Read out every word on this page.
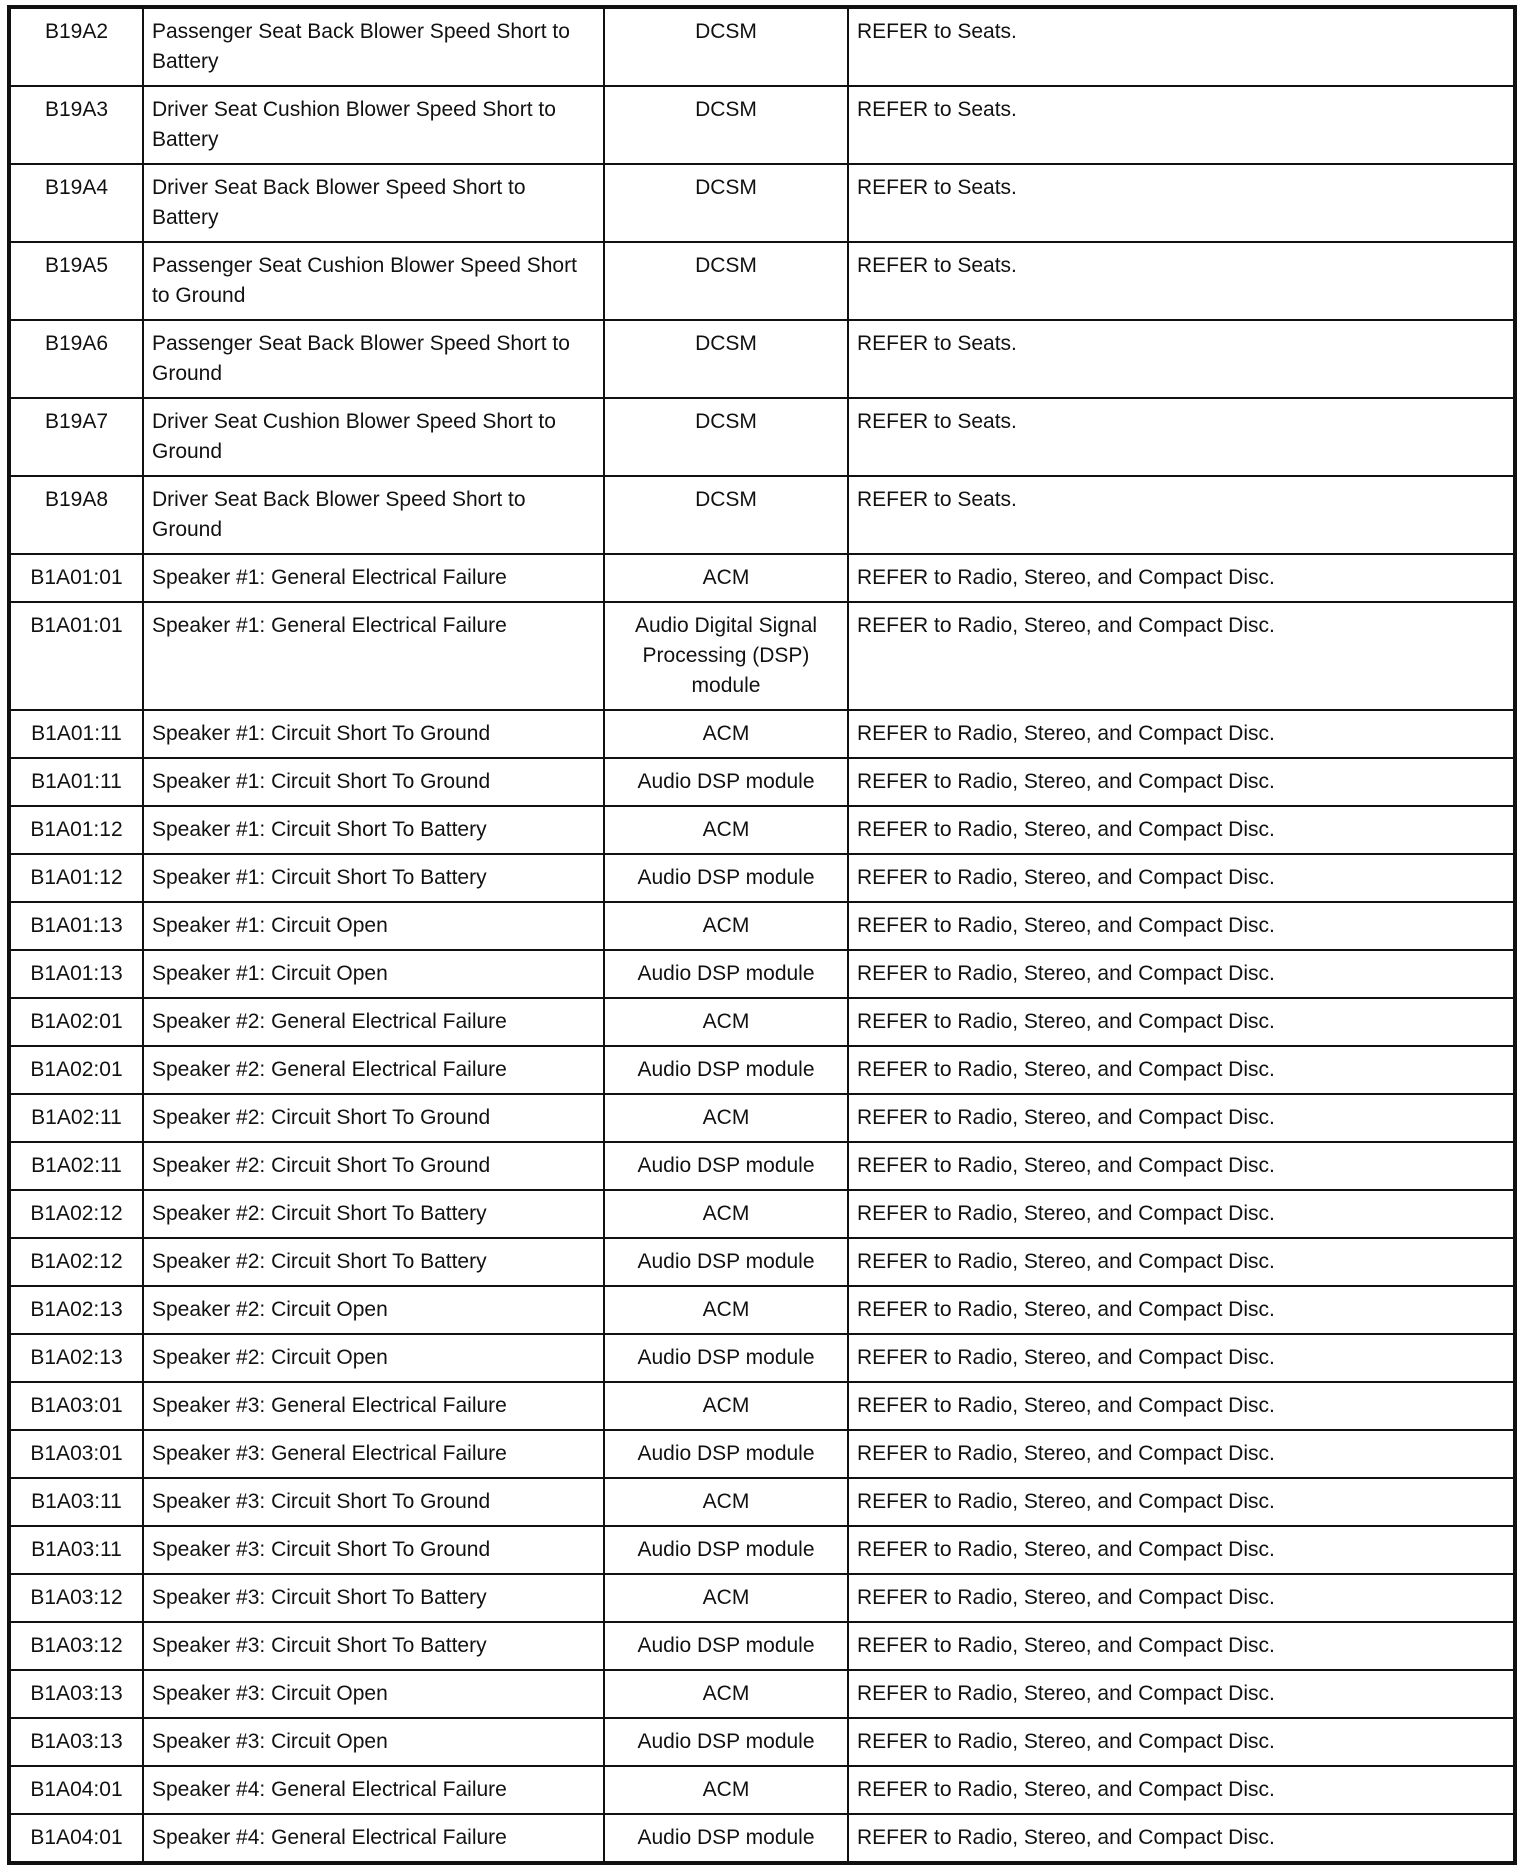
B19A2	Passenger Seat Back Blower Speed Short to Battery	DCSM	REFER to Seats.
B19A3	Driver Seat Cushion Blower Speed Short to Battery	DCSM	REFER to Seats.
B19A4	Driver Seat Back Blower Speed Short to Battery	DCSM	REFER to Seats.
B19A5	Passenger Seat Cushion Blower Speed Short to Ground	DCSM	REFER to Seats.
B19A6	Passenger Seat Back Blower Speed Short to Ground	DCSM	REFER to Seats.
B19A7	Driver Seat Cushion Blower Speed Short to Ground	DCSM	REFER to Seats.
B19A8	Driver Seat Back Blower Speed Short to Ground	DCSM	REFER to Seats.
B1A01:01	Speaker #1: General Electrical Failure	ACM	REFER to Radio, Stereo, and Compact Disc.
B1A01:01	Speaker #1: General Electrical Failure	Audio Digital Signal Processing (DSP) module	REFER to Radio, Stereo, and Compact Disc.
B1A01:11	Speaker #1: Circuit Short To Ground	ACM	REFER to Radio, Stereo, and Compact Disc.
B1A01:11	Speaker #1: Circuit Short To Ground	Audio DSP module	REFER to Radio, Stereo, and Compact Disc.
B1A01:12	Speaker #1: Circuit Short To Battery	ACM	REFER to Radio, Stereo, and Compact Disc.
B1A01:12	Speaker #1: Circuit Short To Battery	Audio DSP module	REFER to Radio, Stereo, and Compact Disc.
B1A01:13	Speaker #1: Circuit Open	ACM	REFER to Radio, Stereo, and Compact Disc.
B1A01:13	Speaker #1: Circuit Open	Audio DSP module	REFER to Radio, Stereo, and Compact Disc.
B1A02:01	Speaker #2: General Electrical Failure	ACM	REFER to Radio, Stereo, and Compact Disc.
B1A02:01	Speaker #2: General Electrical Failure	Audio DSP module	REFER to Radio, Stereo, and Compact Disc.
B1A02:11	Speaker #2: Circuit Short To Ground	ACM	REFER to Radio, Stereo, and Compact Disc.
B1A02:11	Speaker #2: Circuit Short To Ground	Audio DSP module	REFER to Radio, Stereo, and Compact Disc.
B1A02:12	Speaker #2: Circuit Short To Battery	ACM	REFER to Radio, Stereo, and Compact Disc.
B1A02:12	Speaker #2: Circuit Short To Battery	Audio DSP module	REFER to Radio, Stereo, and Compact Disc.
B1A02:13	Speaker #2: Circuit Open	ACM	REFER to Radio, Stereo, and Compact Disc.
B1A02:13	Speaker #2: Circuit Open	Audio DSP module	REFER to Radio, Stereo, and Compact Disc.
B1A03:01	Speaker #3: General Electrical Failure	ACM	REFER to Radio, Stereo, and Compact Disc.
B1A03:01	Speaker #3: General Electrical Failure	Audio DSP module	REFER to Radio, Stereo, and Compact Disc.
B1A03:11	Speaker #3: Circuit Short To Ground	ACM	REFER to Radio, Stereo, and Compact Disc.
B1A03:11	Speaker #3: Circuit Short To Ground	Audio DSP module	REFER to Radio, Stereo, and Compact Disc.
B1A03:12	Speaker #3: Circuit Short To Battery	ACM	REFER to Radio, Stereo, and Compact Disc.
B1A03:12	Speaker #3: Circuit Short To Battery	Audio DSP module	REFER to Radio, Stereo, and Compact Disc.
B1A03:13	Speaker #3: Circuit Open	ACM	REFER to Radio, Stereo, and Compact Disc.
B1A03:13	Speaker #3: Circuit Open	Audio DSP module	REFER to Radio, Stereo, and Compact Disc.
B1A04:01	Speaker #4: General Electrical Failure	ACM	REFER to Radio, Stereo, and Compact Disc.
B1A04:01	Speaker #4: General Electrical Failure	Audio DSP module	REFER to Radio, Stereo, and Compact Disc.
